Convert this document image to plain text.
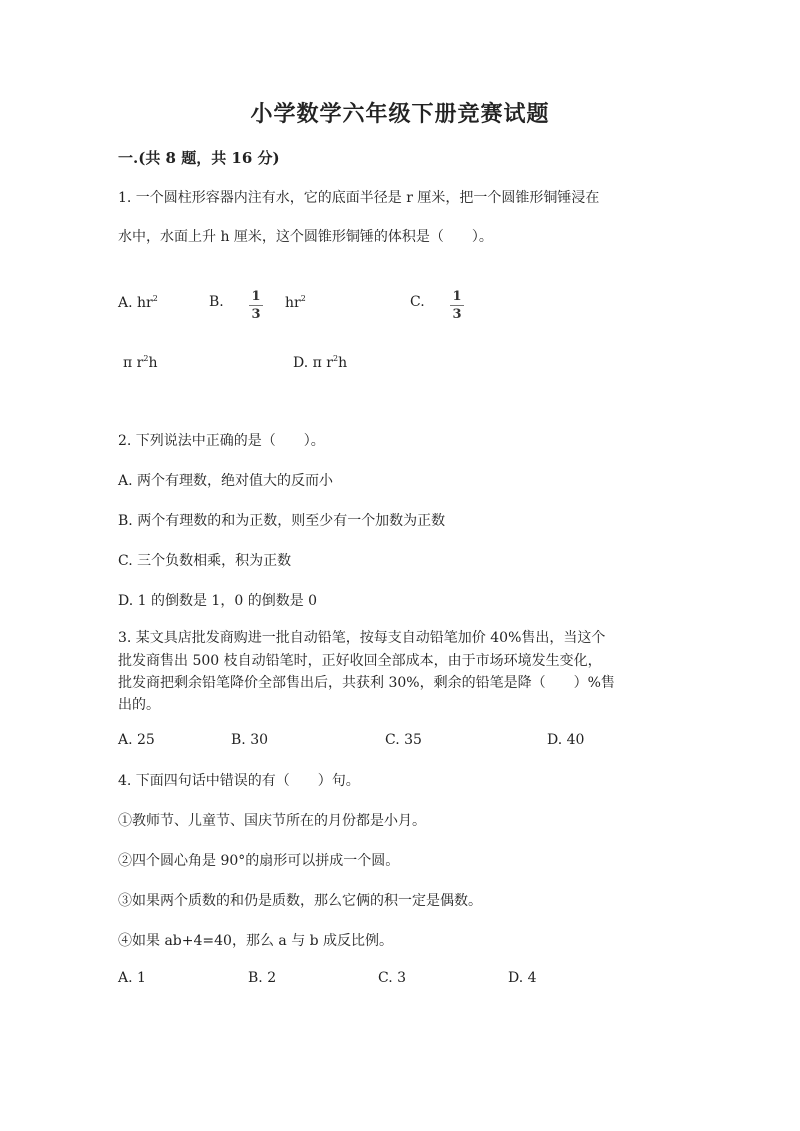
小学数学六年级下册竞赛试题
一.(共 8 题，共 16 分)
1. 一个圆柱形容器内注有水，它的底面半径是 r 厘米，把一个圆锥形铜锤浸在
水中，水面上升 h 厘米，这个圆锥形铜锤的体积是（　　）。
A. $hr^2$	B. 1
3
$hr^2$	C. 1
3
π $r^2h$	D. π $r^2h$
2. 下列说法中正确的是（　　）。
A. 两个有理数，绝对值大的反而小
B. 两个有理数的和为正数，则至少有一个加数为正数
C. 三个负数相乘，积为正数
D. 1 的倒数是 1，0 的倒数是 0
3. 某文具店批发商购进一批自动铅笔，按每支自动铅笔加价 40%售出，当这个
批发商售出 500 枝自动铅笔时，正好收回全部成本，由于市场环境发生变化，
批发商把剩余铅笔降价全部售出后，共获利 30%，剩余的铅笔是降（　　）%售
出的。
A. 25	B. 30	C. 35	D. 40
4. 下面四句话中错误的有（　　）句。
①教师节、儿童节、国庆节所在的月份都是小月。
②四个圆心角是 90°的扇形可以拼成一个圆。
③如果两个质数的和仍是质数，那么它俩的积一定是偶数。
④如果 ab+4=40，那么 a 与 b 成反比例。
A. 1	B. 2	C. 3	D. 4
